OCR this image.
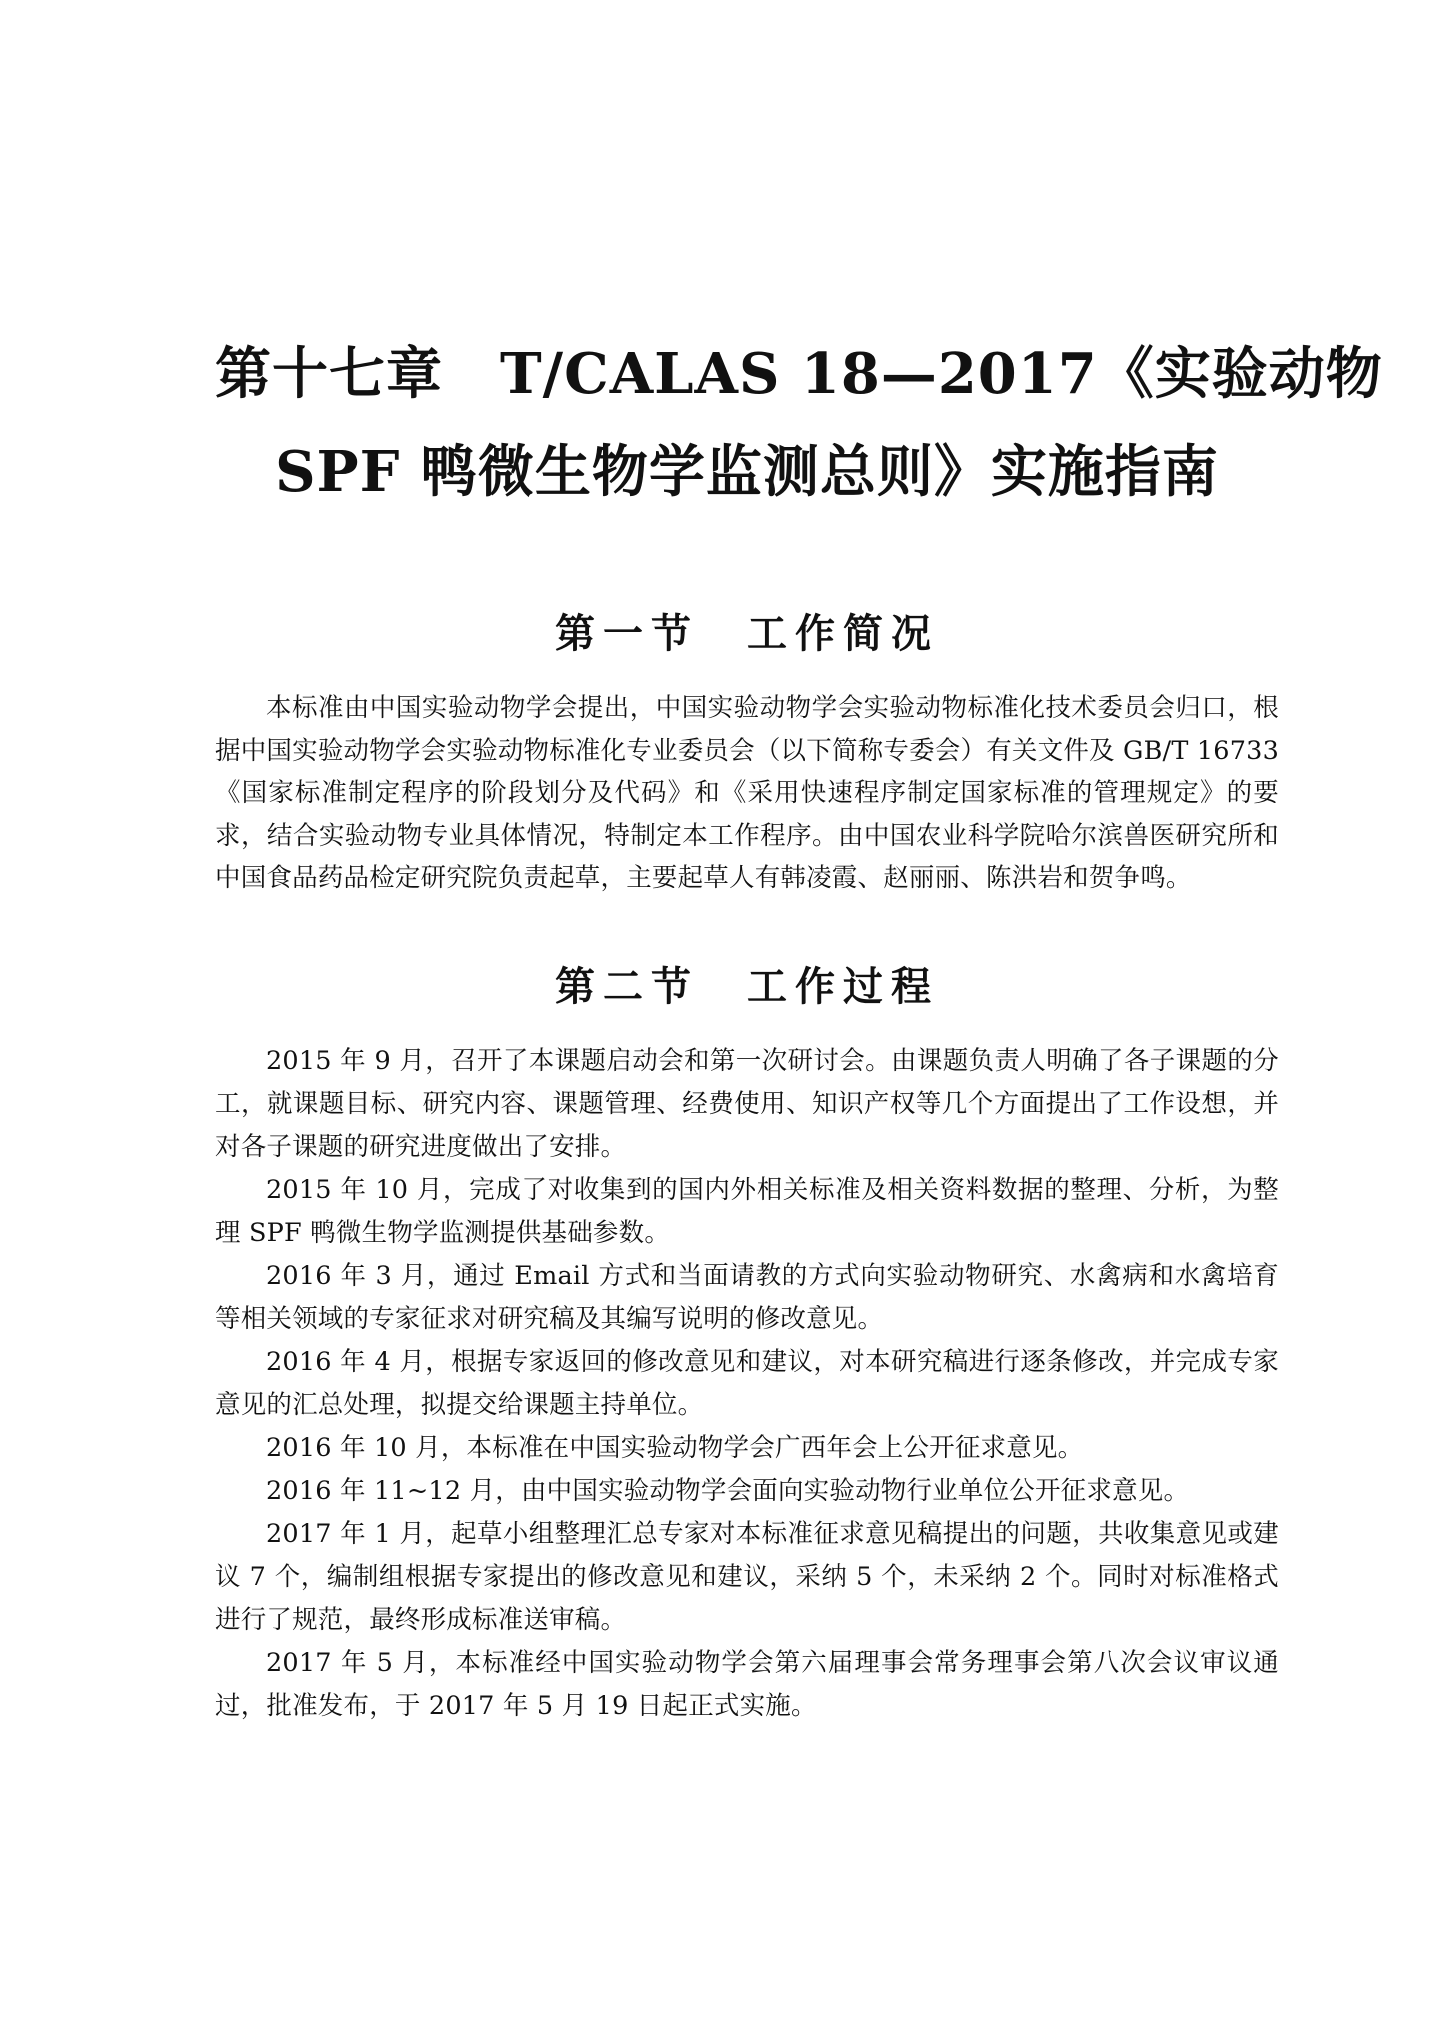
第十七章　T/CALAS 18—2017《实验动物
SPF 鸭微生物学监测总则》实施指南
第一节　工作简况

本标准由中国实验动物学会提出，中国实验动物学会实验动物标准化技术委员会归口，根据中国实验动物学会实验动物标准化专业委员会（以下简称专委会）有关文件及 GB/T 16733《国家标准制定程序的阶段划分及代码》和《采用快速程序制定国家标准的管理规定》的要求，结合实验动物专业具体情况，特制定本工作程序。由中国农业科学院哈尔滨兽医研究所和中国食品药品检定研究院负责起草，主要起草人有韩凌霞、赵丽丽、陈洪岩和贺争鸣。

第二节　工作过程

2015 年 9 月，召开了本课题启动会和第一次研讨会。由课题负责人明确了各子课题的分工，就课题目标、研究内容、课题管理、经费使用、知识产权等几个方面提出了工作设想，并对各子课题的研究进度做出了安排。

2015 年 10 月，完成了对收集到的国内外相关标准及相关资料数据的整理、分析，为整理 SPF 鸭微生物学监测提供基础参数。

2016 年 3 月，通过 Email 方式和当面请教的方式向实验动物研究、水禽病和水禽培育等相关领域的专家征求对研究稿及其编写说明的修改意见。

2016 年 4 月，根据专家返回的修改意见和建议，对本研究稿进行逐条修改，并完成专家意见的汇总处理，拟提交给课题主持单位。

2016 年 10 月，本标准在中国实验动物学会广西年会上公开征求意见。

2016 年 11~12 月，由中国实验动物学会面向实验动物行业单位公开征求意见。

2017 年 1 月，起草小组整理汇总专家对本标准征求意见稿提出的问题，共收集意见或建议 7 个，编制组根据专家提出的修改意见和建议，采纳 5 个，未采纳 2 个。同时对标准格式进行了规范，最终形成标准送审稿。

2017 年 5 月，本标准经中国实验动物学会第六届理事会常务理事会第八次会议审议通过，批准发布，于 2017 年 5 月 19 日起正式实施。
